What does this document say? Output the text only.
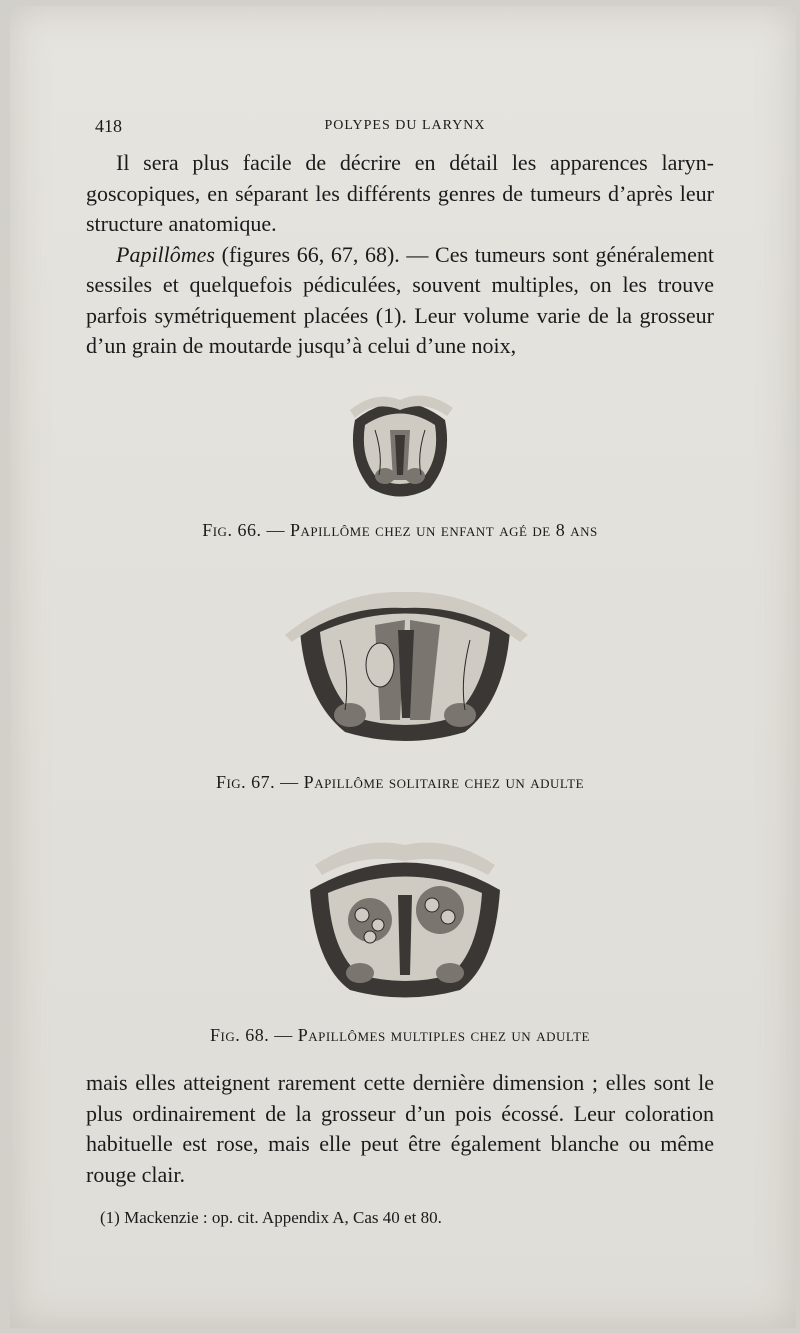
418	POLYPES DU LARYNX

Il sera plus facile de décrire en détail les apparences laryn-goscopiques, en séparant les différents genres de tumeurs d’après leur structure anatomique.

Papillômes (figures 66, 67, 68). — Ces tumeurs sont généralement sessiles et quelquefois pédiculées, souvent multiples, on les trouve parfois symétriquement placées (1). Leur volume varie de la grosseur d’un grain de moutarde jusqu’à celui d’une noix,

Fig. 66. — Papillôme chez un enfant agé de 8 ans
Fig. 67. — Papillôme solitaire chez un adulte
Fig. 68. — Papillômes multiples chez un adulte

mais elles atteignent rarement cette dernière dimension ; elles sont le plus ordinairement de la grosseur d’un pois écossé. Leur coloration habituelle est rose, mais elle peut être également blanche ou même rouge clair.

(1) Mackenzie : op. cit. Appendix A, Cas 40 et 80.
